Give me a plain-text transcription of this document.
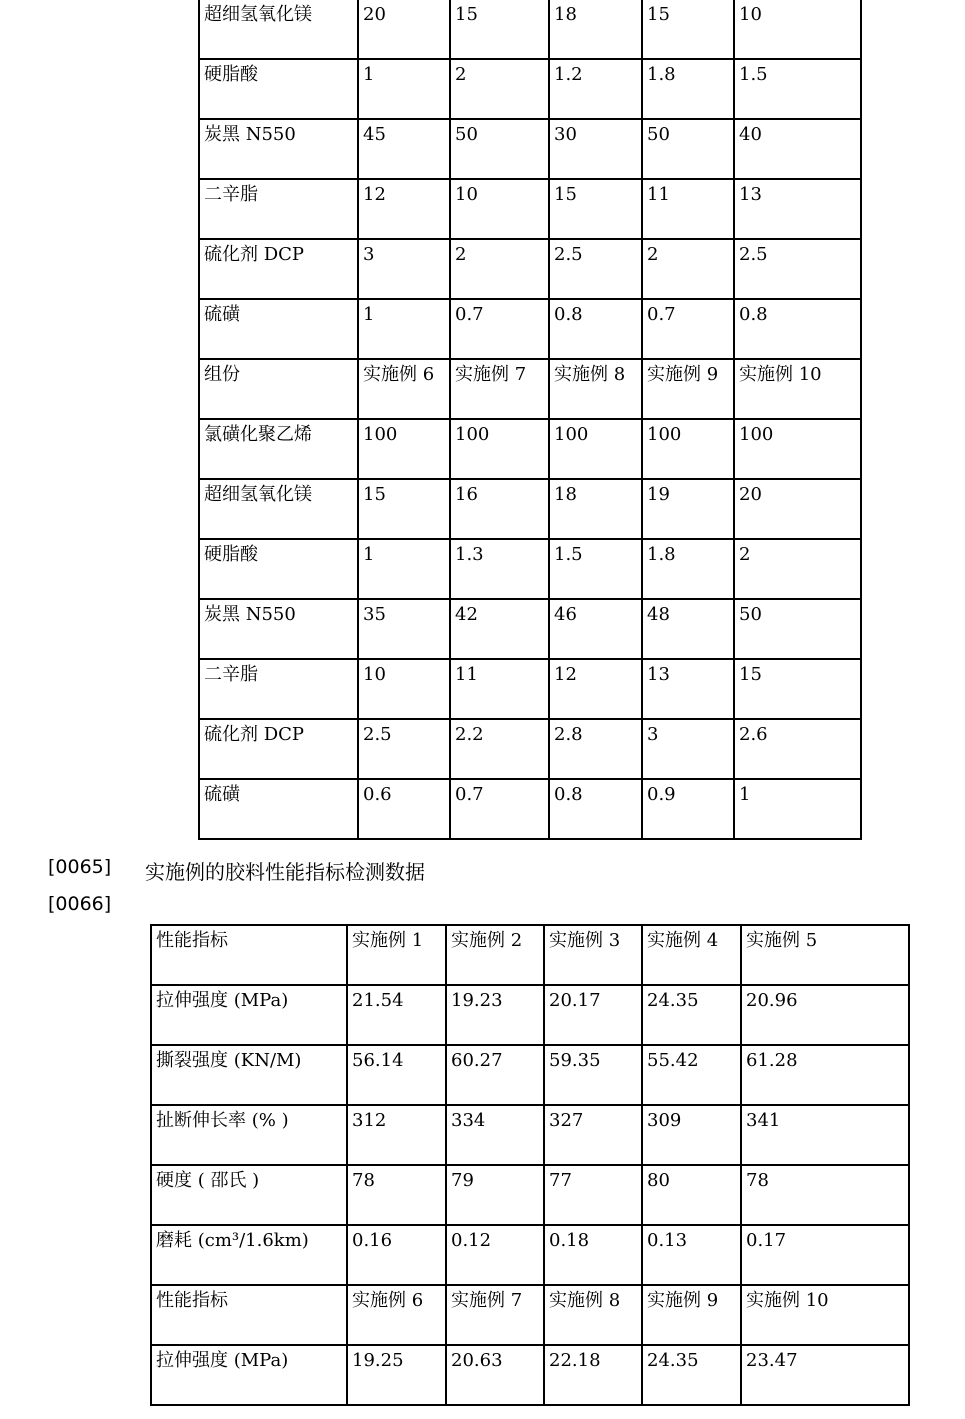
超细氢氧化镁	20	15	18	15	10
硬脂酸	1	2	1.2	1.8	1.5
炭黑 N550	45	50	30	50	40
二辛脂	12	10	15	11	13
硫化剂 DCP	3	2	2.5	2	2.5
硫磺	1	0.7	0.8	0.7	0.8
组份	实施例 6	实施例 7	实施例 8	实施例 9	实施例 10
氯磺化聚乙烯	100	100	100	100	100
超细氢氧化镁	15	16	18	19	20
硬脂酸	1	1.3	1.5	1.8	2
炭黑 N550	35	42	46	48	50
二辛脂	10	11	12	13	15
硫化剂 DCP	2.5	2.2	2.8	3	2.6
硫磺	0.6	0.7	0.8	0.9	1
[0065] 实施例的胶料性能指标检测数据
[0066]
性能指标	实施例 1	实施例 2	实施例 3	实施例 4	实施例 5
拉伸强度 (MPa)	21.54	19.23	20.17	24.35	20.96
撕裂强度 (KN/M)	56.14	60.27	59.35	55.42	61.28
扯断伸长率 (% )	312	334	327	309	341
硬度 ( 邵氏 )	78	79	77	80	78
磨耗 (cm³/1.6km)	0.16	0.12	0.18	0.13	0.17
性能指标	实施例 6	实施例 7	实施例 8	实施例 9	实施例 10
拉伸强度 (MPa)	19.25	20.63	22.18	24.35	23.47
